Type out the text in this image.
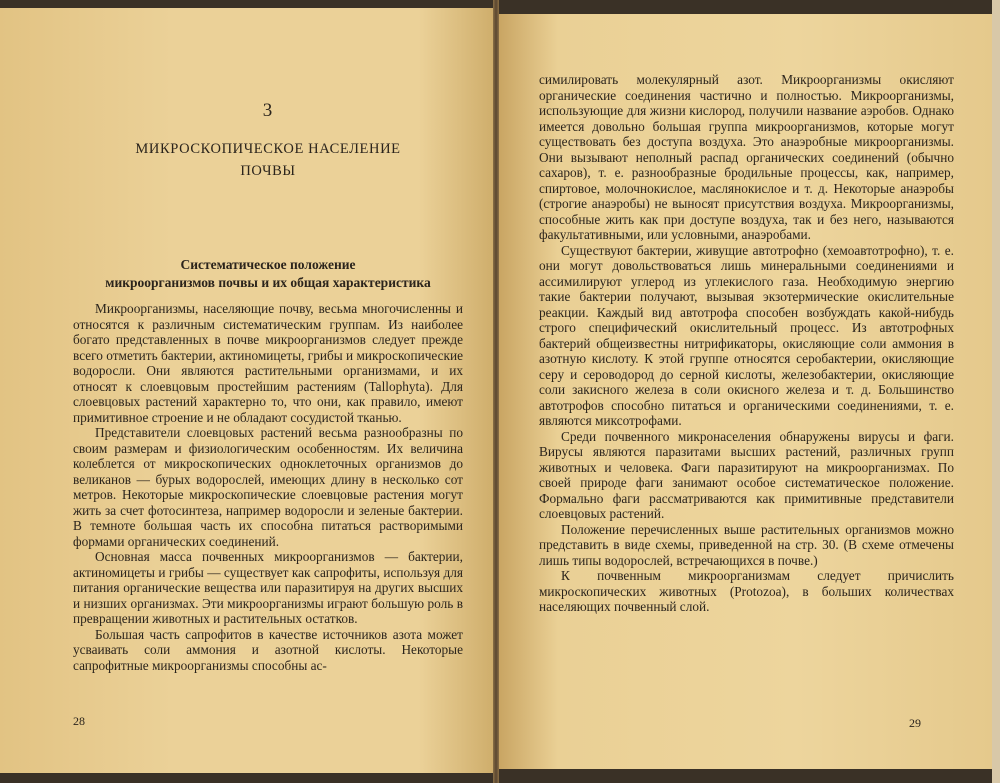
3
МИКРОСКОПИЧЕСКОЕ НАСЕЛЕНИЕ
ПОЧВЫ
Систематическое положение
микроорганизмов почвы и их общая характеристика

Микроорганизмы, населяющие почву, весьма многочисленны и относятся к различным систематическим группам. Из наиболее богато представленных в почве микроорганизмов следует прежде всего отметить бактерии, актиномицеты, грибы и микроскопические водоросли. Они являются растительными организмами, и их относят к слоевцовым простейшим растениям (Tallophyta). Для слоевцовых растений характерно то, что они, как правило, имеют примитивное строение и не обладают сосудистой тканью.

Представители слоевцовых растений весьма разнообразны по своим размерам и физиологическим особенностям. Их величина колеблется от микроскопических одноклеточных организмов до великанов — бурых водорослей, имеющих длину в несколько сот метров. Некоторые микроскопические слоевцовые растения могут жить за счет фотосинтеза, например водоросли и зеленые бактерии. В темноте большая часть их способна питаться растворимыми формами органических соединений.

Основная масса почвенных микроорганизмов — бактерии, актиномицеты и грибы — существует как сапрофиты, используя для питания органические вещества или паразитируя на других высших и низших организмах. Эти микроорганизмы играют большую роль в превращении животных и растительных остатков.

Большая часть сапрофитов в качестве источников азота может усваивать соли аммония и азотной кислоты. Некоторые сапрофитные микроорганизмы способны ас-

28

симилировать молекулярный азот. Микроорганизмы окисляют органические соединения частично и полностью. Микроорганизмы, использующие для жизни кислород, получили название аэробов. Однако имеется довольно большая группа микроорганизмов, которые могут существовать без доступа воздуха. Это анаэробные микроорганизмы. Они вызывают неполный распад органических соединений (обычно сахаров), т. е. разнообразные бродильные процессы, как, например, спиртовое, молочнокислое, маслянокислое и т. д. Некоторые анаэробы (строгие анаэробы) не выносят присутствия воздуха. Микроорганизмы, способные жить как при доступе воздуха, так и без него, называются факультативными, или условными, анаэробами.

Существуют бактерии, живущие автотрофно (хемоавтотрофно), т. е. они могут довольствоваться лишь минеральными соединениями и ассимилируют углерод из углекислого газа. Необходимую энергию такие бактерии получают, вызывая экзотермические окислительные реакции. Каждый вид автотрофа способен возбуждать какой-нибудь строго специфический окислительный процесс. Из автотрофных бактерий общеизвестны нитрификаторы, окисляющие соли аммония в азотную кислоту. К этой группе относятся серобактерии, окисляющие серу и сероводород до серной кислоты, железобактерии, окисляющие соли закисного железа в соли окисного железа и т. д. Большинство автотрофов способно питаться и органическими соединениями, т. е. являются миксотрофами.

Среди почвенного микронаселения обнаружены вирусы и фаги. Вирусы являются паразитами высших растений, различных групп животных и человека. Фаги паразитируют на микроорганизмах. По своей природе фаги занимают особое систематическое положение. Формально фаги рассматриваются как примитивные представители слоевцовых растений.

Положение перечисленных выше растительных организмов можно представить в виде схемы, приведенной на стр. 30. (В схеме отмечены лишь типы водорослей, встречающихся в почве.)

К почвенным микроорганизмам следует причислить микроскопических животных (Protozoa), в больших количествах населяющих почвенный слой.

29
